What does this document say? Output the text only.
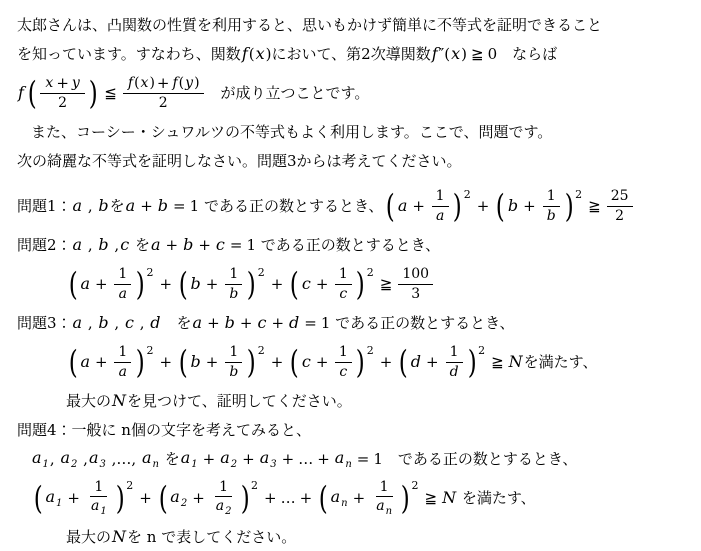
太郎さんは、凸関数の性質を利用すると、思いもかけず簡単に不等式を証明できること
を知っています。すなわち、関数 f ( x )において、第2次導関数 f ″( x ) ≧ 0　ならば
f ( $\frac{x + y}{2}$ ) ≦ $\frac{f ( x ) + f ( y )}{2}$ 　が成り立つことです。
また、コーシー・シュワルツの不等式もよく利用します。ここで、問題です。
次の綺麗な不等式を証明しなさい。問題3からは考えてください。
問題1： a , b を a + b = 1 である正の数とするとき、 ( $a + \frac{1}{a}$ ) 2
+ ( $b + \frac{1}{b}$ ) 2
≧ $\frac{25}{2}$
問題2： a , b , c を a + b + c = 1 である正の数とするとき、
( $a + \frac{1}{a}$ ) 2
+ ( $b + \frac{1}{b}$ ) 2
+ ( $c + \frac{1}{c}$ ) 2
≧ $\frac{100}{3}$
問題3： a , b , c , d 　を a + b + c + d = 1 である正の数とするとき、
( $a + \frac{1}{a}$ ) 2
+ ( $b + \frac{1}{b}$ ) 2
+ ( $c + \frac{1}{c}$ ) 2
+ ( $d + \frac{1}{d}$ ) 2
≧ N を満たす、
最大の N を見つけて、証明してください。
問題4：一般に n個の文字を考えてみると、
$a_1$ , $a_2$ , $a_3$ ,…, $a_n$ を $a_1 + a_2 + a_3$ + … + $a_n = 1$ 　である正の数とするとき、
( $a_1 + \frac{1}{a_1}$ ) 2
+ ( $a_2 + \frac{1}{a_2}$ ) 2
+ … + ( $a_n + \frac{1}{a_n}$ ) 2
≧ N を満たす、
最大の N を n で表してください。
